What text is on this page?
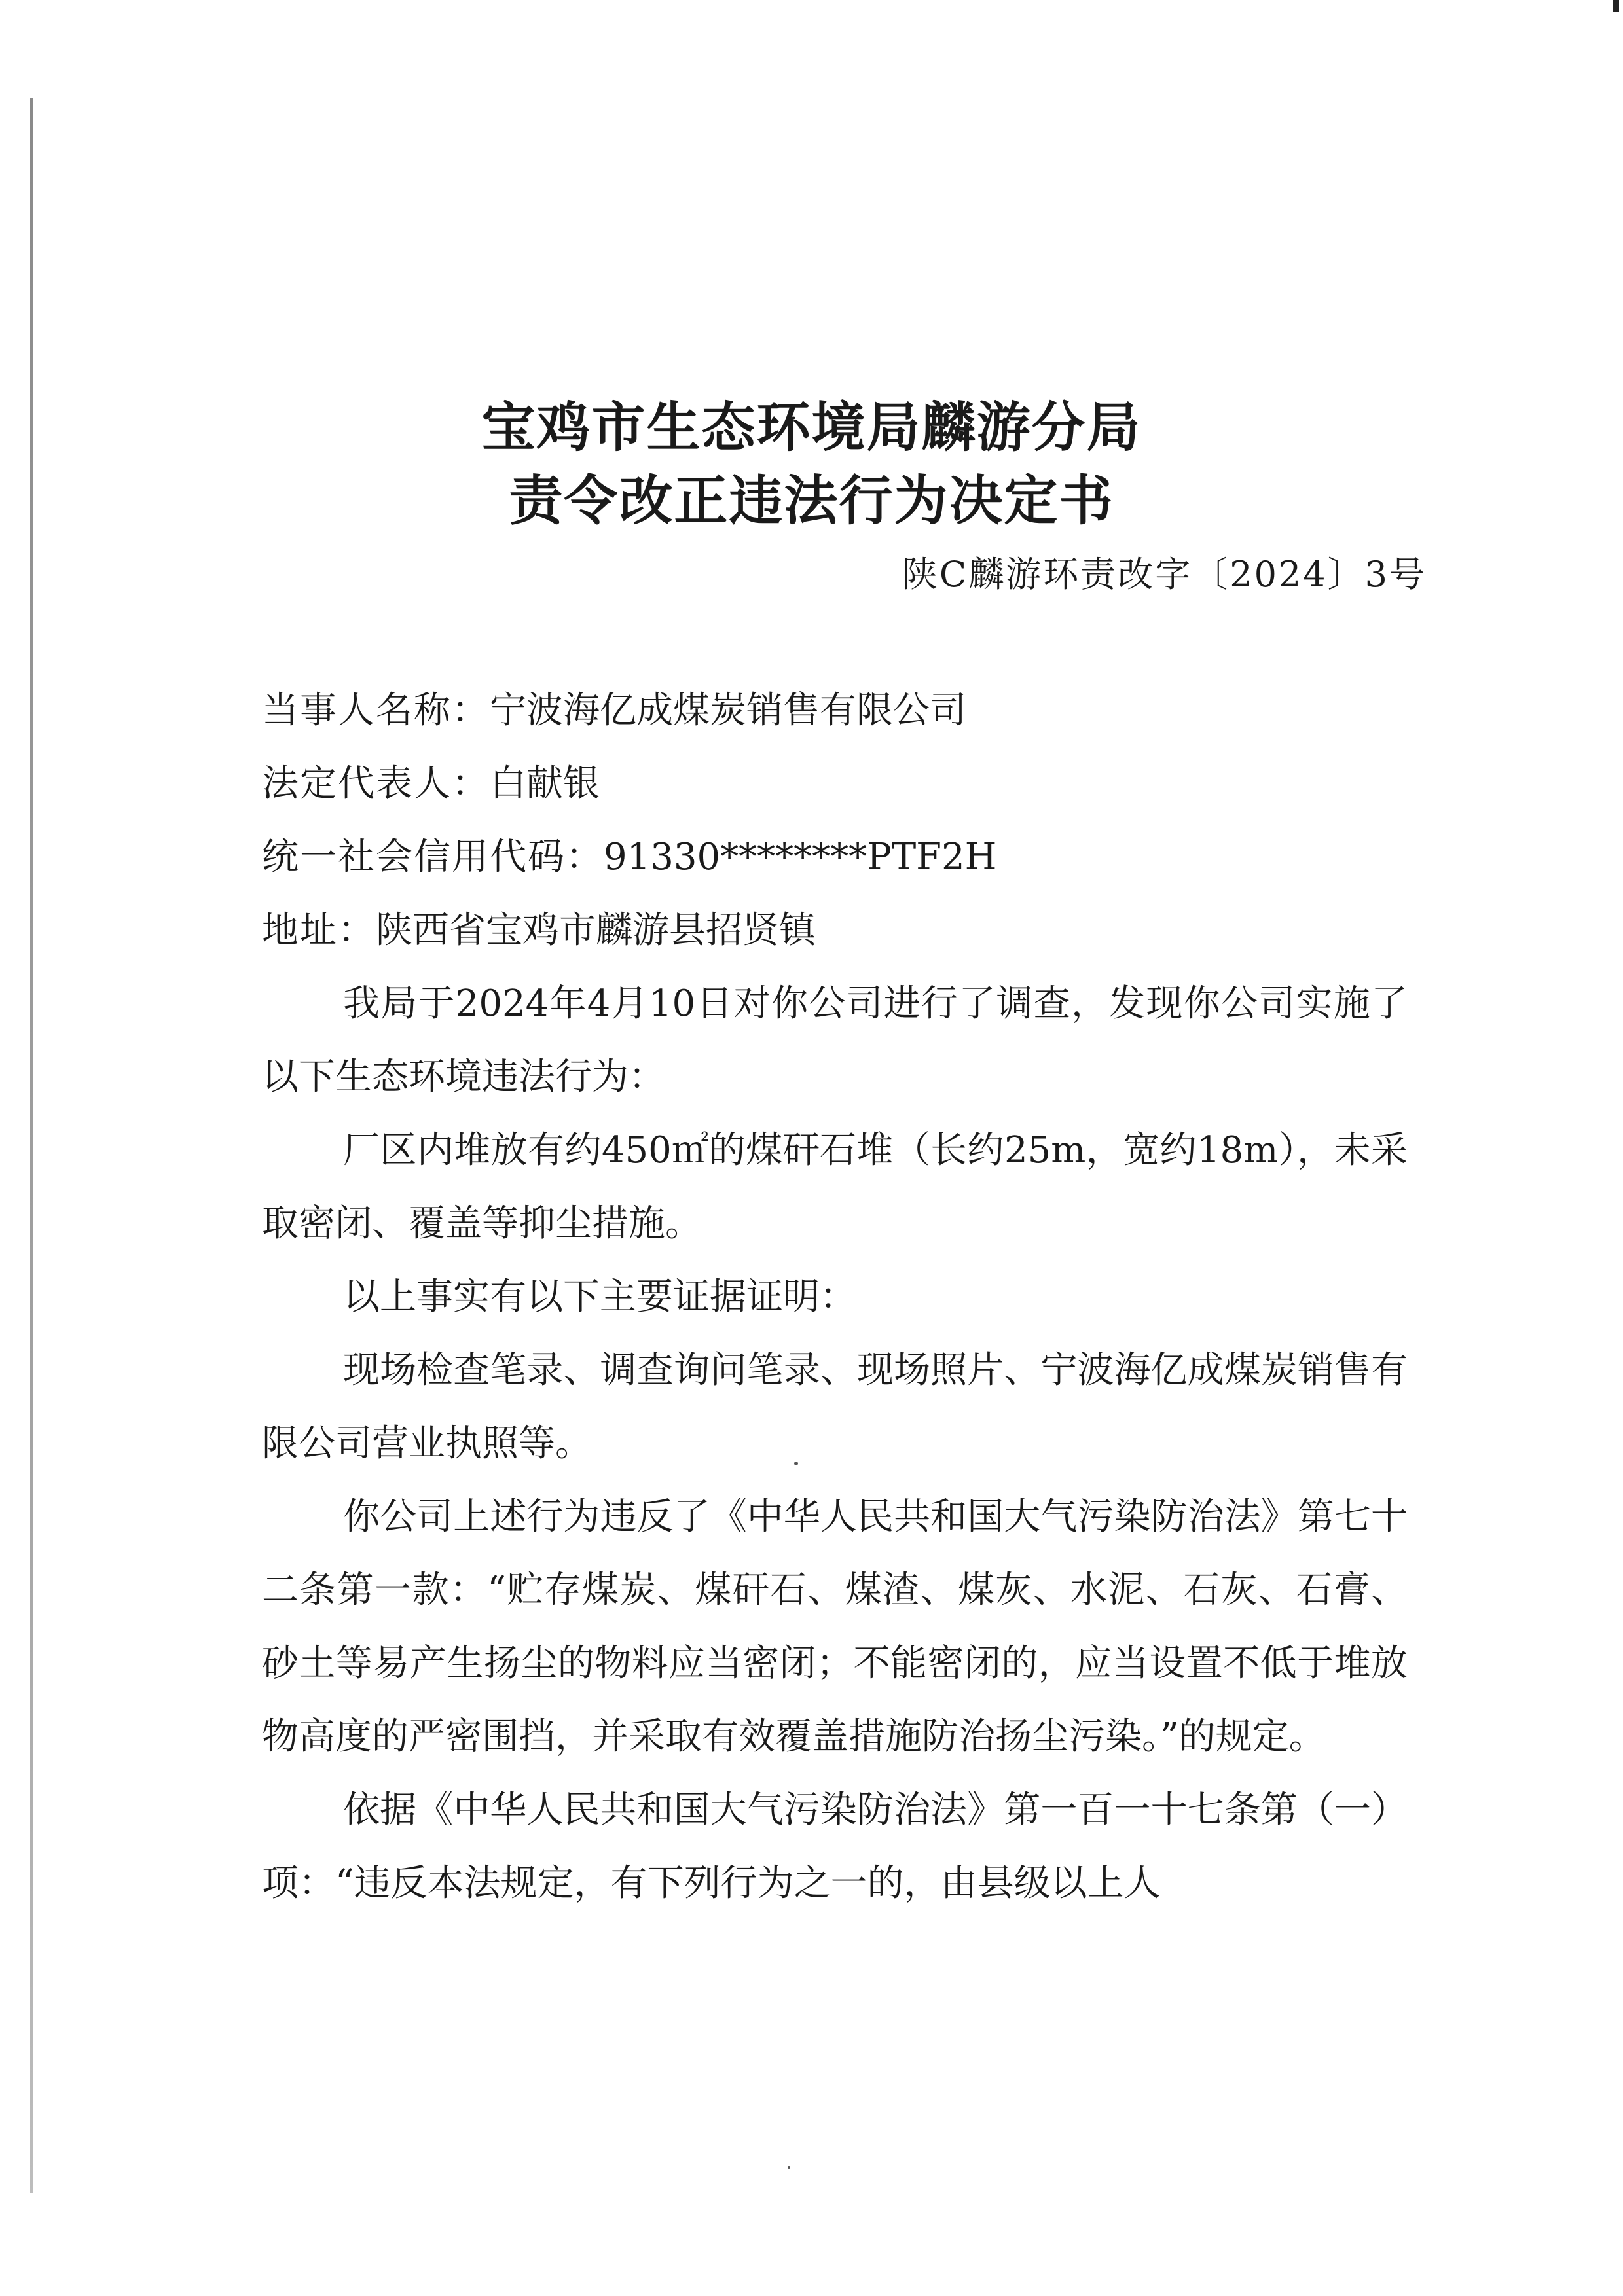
宝鸡市生态环境局麟游分局
责令改正违法行为决定书
陕C麟游环责改字〔2024〕3号

当事人名称：宁波海亿成煤炭销售有限公司

法定代表人：白献银

统一社会信用代码：91330********PTF2H

地址：陕西省宝鸡市麟游县招贤镇

我局于2024年4月10日对你公司进行了调查，发现你公司实施了以下生态环境违法行为：

厂区内堆放有约450㎡的煤矸石堆（长约25m，宽约18m），未采取密闭、覆盖等抑尘措施。

以上事实有以下主要证据证明：

现场检查笔录、调查询问笔录、现场照片、宁波海亿成煤炭销售有限公司营业执照等。

你公司上述行为违反了《中华人民共和国大气污染防治法》第七十二条第一款：“贮存煤炭、煤矸石、煤渣、煤灰、水泥、石灰、石膏、砂土等易产生扬尘的物料应当密闭；不能密闭的，应当设置不低于堆放物高度的严密围挡，并采取有效覆盖措施防治扬尘污染。”的规定。

依据《中华人民共和国大气污染防治法》第一百一十七条第（一）项：“违反本法规定，有下列行为之一的，由县级以上人
